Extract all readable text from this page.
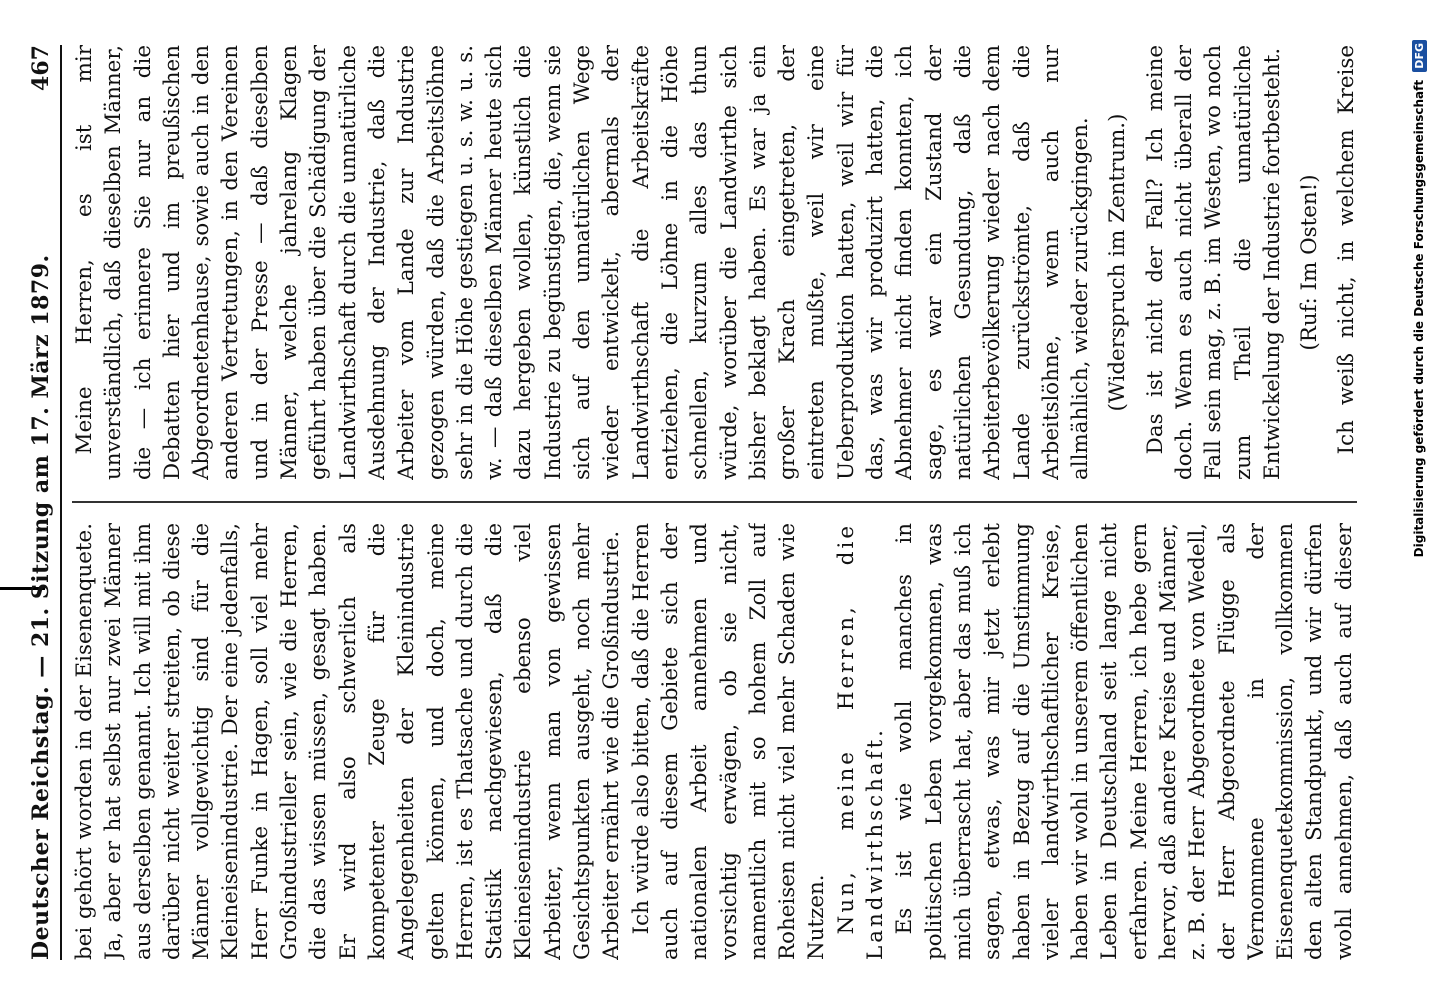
Deutscher Reichstag. — 21. Sitzung am 17. März 1879.
467

bei gehört worden in der Eisenenquete. Ja, aber er hat selbst nur zwei Männer aus derselben genannt. Ich will mit ihm darüber nicht weiter streiten, ob diese Männer vollgewichtig sind für die Kleineisenindustrie. Der eine jedenfalls, Herr Funke in Hagen, soll viel mehr Großindustrieller sein, wie die Herren, die das wissen müssen, gesagt haben. Er wird also schwerlich als kompetenter Zeuge für die Angelegenheiten der Kleinindustrie gelten können, und doch, meine Herren, ist es Thatsache und durch die Statistik nachgewiesen, daß die Kleineisenindustrie ebenso viel Arbeiter, wenn man von gewissen Gesichtspunkten ausgeht, noch mehr Arbeiter ernährt wie die Großindustrie. Ich würde also bitten, daß die Herren auch auf diesem Gebiete sich der nationalen Arbeit annehmen und vorsichtig erwägen, ob sie nicht, namentlich mit so hohem Zoll auf Roheisen nicht viel mehr Schaden wie Nutzen. Nun, meine Herren, die Landwirthschaft. Es ist wie wohl manches in politischen Leben vorgekommen, was mich überrascht hat, aber das muß ich sagen, etwas, was mir jetzt erlebt haben in Bezug auf die Umstimmung vieler landwirthschaftlicher Kreise, haben wir wohl in unserem öffentlichen Leben in Deutschland seit lange nicht erfahren. Meine Herren, ich hebe gern hervor, daß andere Kreise und Männer, z. B. der Herr Abgeordnete von Wedell, der Herr Abgeordnete Flügge als Vernommene in der Eisenenquetekommission, vollkommen den alten Standpunkt, und wir dürfen wohl annehmen, daß auch auf dieser

Meine Herren, es ist mir unverständlich, daß dieselben Männer, die — ich erinnere Sie nur an die Debatten hier und im preußischen Abgeordnetenhause, sowie auch in den anderen Vertretungen, in den Vereinen und in der Presse — daß dieselben Männer, welche jahrelang Klagen geführt haben über die Schädigung der Landwirthschaft durch die unnatürliche Ausdehnung der Industrie, daß die Arbeiter vom Lande zur Industrie gezogen würden, daß die Arbeitslöhne sehr in die Höhe gestiegen u. s. w. u. s. w. — daß dieselben Männer heute sich dazu hergeben wollen, künstlich die Industrie zu begünstigen, die, wenn sie sich auf den unnatürlichen Wege wieder entwickelt, abermals der Landwirthschaft die Arbeitskräfte entziehen, die Löhne in die Höhe schnellen, kurzum alles das thun würde, worüber die Landwirthe sich bisher beklagt haben. Es war ja ein großer Krach eingetreten, der eintreten mußte, weil wir eine Ueberproduktion hatten, weil wir für das, was wir produzirt hatten, die Abnehmer nicht finden konnten, ich sage, es war ein Zustand der natürlichen Gesundung, daß die Arbeiterbevölkerung wieder nach dem Lande zurückströmte, daß die Arbeitslöhne, wenn auch nur allmählich, wieder zurückgingen. (Widerspruch im Zentrum.) Das ist nicht der Fall? Ich meine doch. Wenn es auch nicht überall der Fall sein mag, z. B. im Westen, wo noch zum Theil die unnatürliche Entwickelung der Industrie fortbesteht. (Ruf: Im Osten!)

Ich weiß nicht, in welchem Kreise

Digitalisierung gefördert durch die Deutsche Forschungsgemeinschaft DFG
